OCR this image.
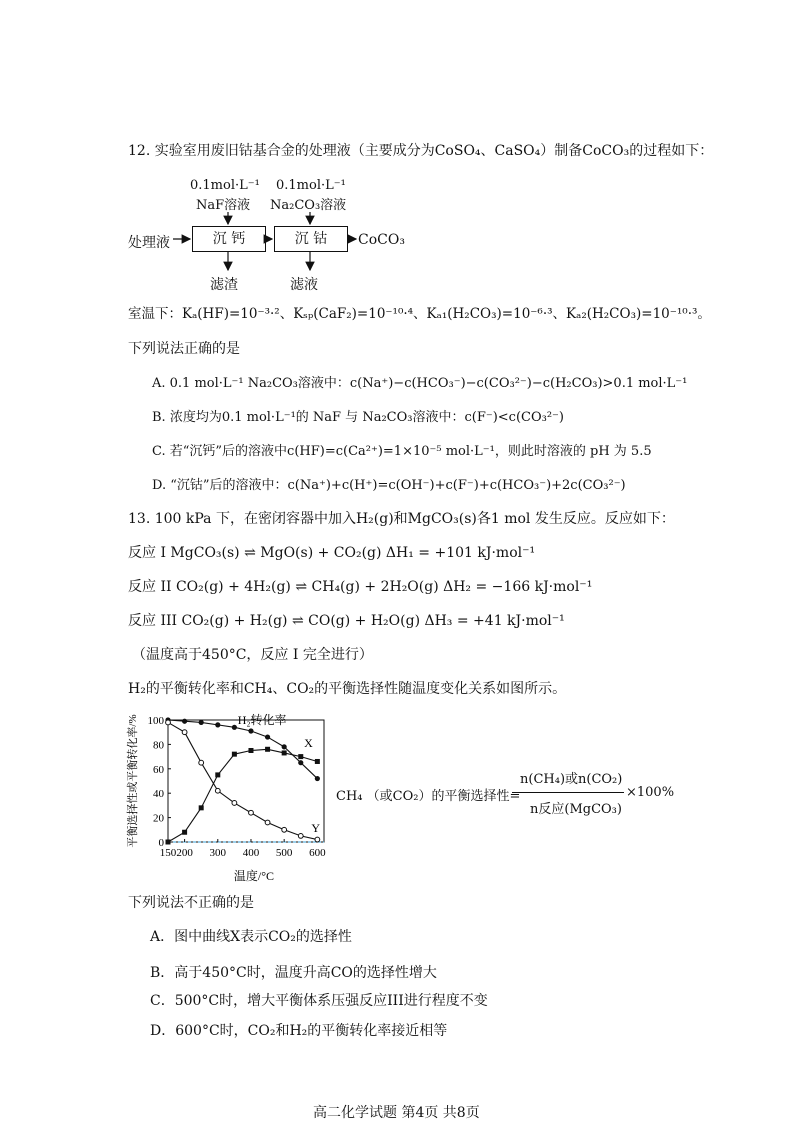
12. 实验室用废旧钴基合金的处理液（主要成分为CoSO₄、CaSO₄）制备CoCO₃的过程如下：
0.1mol·L⁻¹
NaF溶液
0.1mol·L⁻¹
Na₂CO₃溶液
处理液	沉 钙	沉 钴	CoCO₃
滤渣	滤液
室温下：Kₐ(HF)=10⁻³·²、Kₛₚ(CaF₂)=10⁻¹⁰·⁴、Kₐ₁(H₂CO₃)=10⁻⁶·³、Kₐ₂(H₂CO₃)=10⁻¹⁰·³。
下列说法正确的是
A. 0.1 mol·L⁻¹ Na₂CO₃溶液中：c(Na⁺)−c(HCO₃⁻)−c(CO₃²⁻)−c(H₂CO₃)>0.1 mol·L⁻¹
B. 浓度均为0.1 mol·L⁻¹的 NaF 与 Na₂CO₃溶液中：c(F⁻)<c(CO₃²⁻)
C. 若“沉钙”后的溶液中c(HF)=c(Ca²⁺)=1×10⁻⁵ mol·L⁻¹，则此时溶液的 pH 为 5.5
D. “沉钴”后的溶液中：c(Na⁺)+c(H⁺)=c(OH⁻)+c(F⁻)+c(HCO₃⁻)+2c(CO₃²⁻)
13. 100 kPa 下，在密闭容器中加入H₂(g)和MgCO₃(s)各1 mol 发生反应。反应如下：
反应 I MgCO₃(s) ⇌ MgO(s) + CO₂(g) ΔH₁ = +101 kJ·mol⁻¹
反应 II CO₂(g) + 4H₂(g) ⇌ CH₄(g) + 2H₂O(g) ΔH₂ = −166 kJ·mol⁻¹
反应 III CO₂(g) + H₂(g) ⇌ CO(g) + H₂O(g) ΔH₃ = +41 kJ·mol⁻¹
（温度高于450°C，反应 I 完全进行）
H₂的平衡转化率和CH₄、CO₂的平衡选择性随温度变化关系如图所示。
150 200 300 400 500 600
0
20
40
60
80
100
温度/°C
平衡选择性或平衡转化率/%	H₂转化率
X
Y
CH₄ （或CO₂）的平衡选择性=
n(CH₄)或n(CO₂)
n反应(MgCO₃)
×100%
下列说法不正确的是
A．图中曲线X表示CO₂的选择性
B．高于450°C时，温度升高CO的选择性增大
C．500°C时，增大平衡体系压强反应III进行程度不变
D．600°C时，CO₂和H₂的平衡转化率接近相等
高二化学试题 第4页 共8页
